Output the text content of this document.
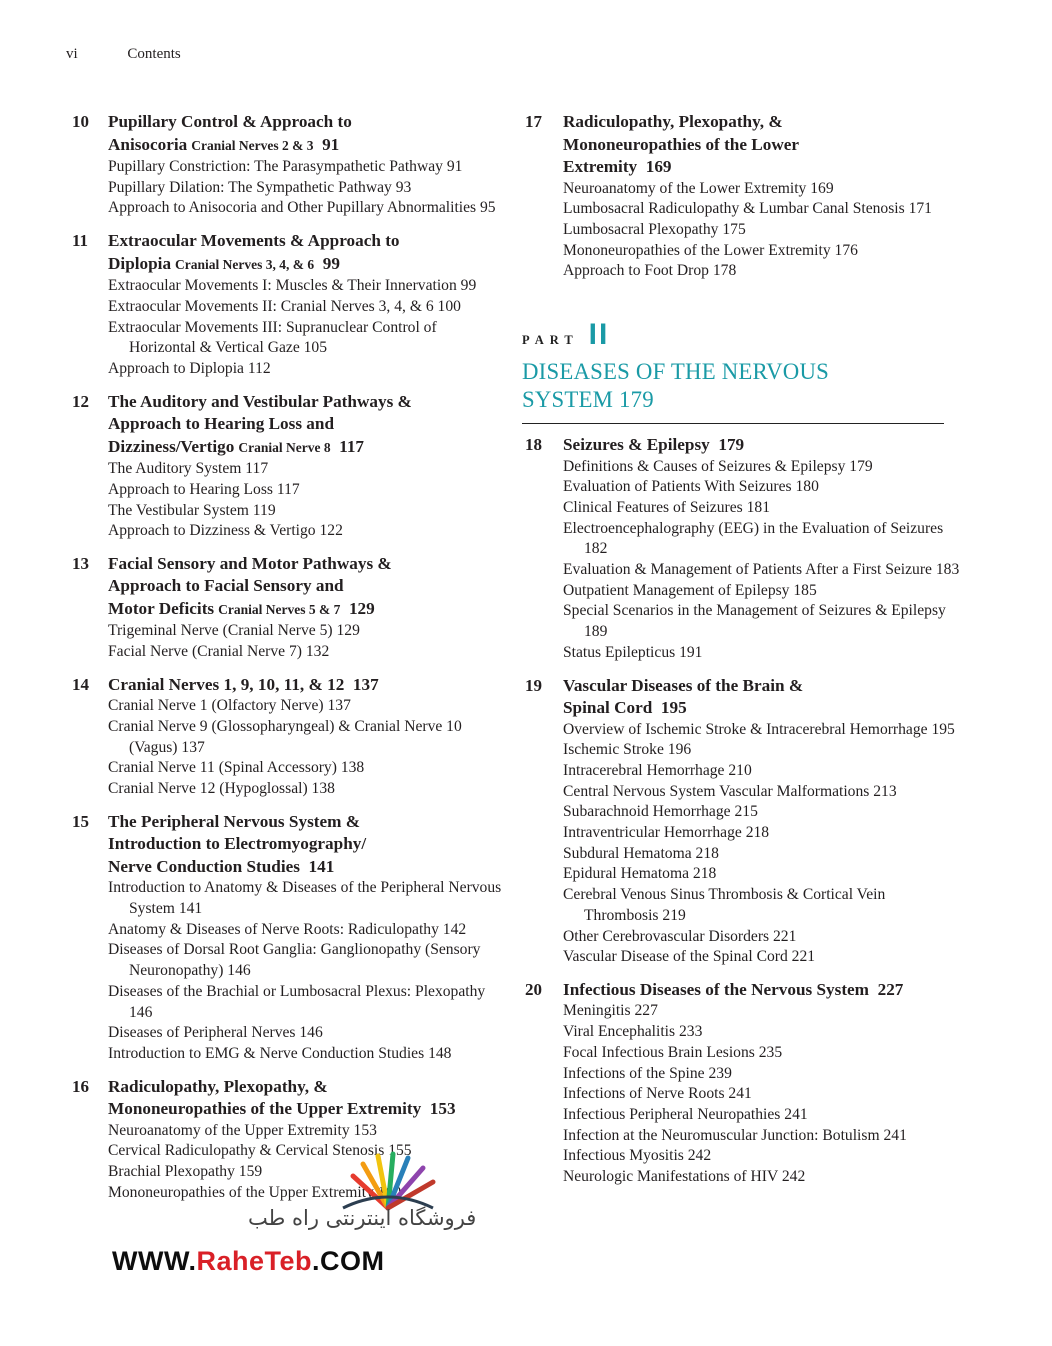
vi	Contents
10	Pupillary Control & Approach to
Anisocoria Cranial Nerves 2 & 3 91
Pupillary Constriction: The Parasympathetic Pathway 91
Pupillary Dilation: The Sympathetic Pathway 93
Approach to Anisocoria and Other Pupillary Abnormalities 95
11	Extraocular Movements & Approach to
Diplopia Cranial Nerves 3, 4, & 6 99
Extraocular Movements I: Muscles & Their Innervation 99
Extraocular Movements II: Cranial Nerves 3, 4, & 6 100
Extraocular Movements III: Supranuclear Control of Horizontal & Vertical Gaze 105
Approach to Diplopia 112
12	The Auditory and Vestibular Pathways &
Approach to Hearing Loss and
Dizziness/Vertigo Cranial Nerve 8 117
The Auditory System 117
Approach to Hearing Loss 117
The Vestibular System 119
Approach to Dizziness & Vertigo 122
13	Facial Sensory and Motor Pathways &
Approach to Facial Sensory and
Motor Deficits Cranial Nerves 5 & 7 129
Trigeminal Nerve (Cranial Nerve 5) 129
Facial Nerve (Cranial Nerve 7) 132
14	Cranial Nerves 1, 9, 10, 11, & 12 137
Cranial Nerve 1 (Olfactory Nerve) 137
Cranial Nerve 9 (Glossopharyngeal) & Cranial Nerve 10 (Vagus) 137
Cranial Nerve 11 (Spinal Accessory) 138
Cranial Nerve 12 (Hypoglossal) 138
15	The Peripheral Nervous System &
Introduction to Electromyography/
Nerve Conduction Studies 141
Introduction to Anatomy & Diseases of the Peripheral Nervous System 141
Anatomy & Diseases of Nerve Roots: Radiculopathy 142
Diseases of Dorsal Root Ganglia: Ganglionopathy (Sensory Neuronopathy) 146
Diseases of the Brachial or Lumbosacral Plexus: Plexopathy 146
Diseases of Peripheral Nerves 146
Introduction to EMG & Nerve Conduction Studies 148
16	Radiculopathy, Plexopathy, &
Mononeuropathies of the Upper Extremity 153
Neuroanatomy of the Upper Extremity 153
Cervical Radiculopathy & Cervical Stenosis 155
Brachial Plexopathy 159
Mononeuropathies of the Upper Extremity 160
17	Radiculopathy, Plexopathy, &
Mononeuropathies of the Lower
Extremity 169
Neuroanatomy of the Lower Extremity 169
Lumbosacral Radiculopathy & Lumbar Canal Stenosis 171
Lumbosacral Plexopathy 175
Mononeuropathies of the Lower Extremity 176
Approach to Foot Drop 178
PART II
DISEASES OF THE NERVOUS
SYSTEM 179
18	Seizures & Epilepsy 179
Definitions & Causes of Seizures & Epilepsy 179
Evaluation of Patients With Seizures 180
Clinical Features of Seizures 181
Electroencephalography (EEG) in the Evaluation of Seizures 182
Evaluation & Management of Patients After a First Seizure 183
Outpatient Management of Epilepsy 185
Special Scenarios in the Management of Seizures & Epilepsy 189
Status Epilepticus 191
19	Vascular Diseases of the Brain &
Spinal Cord 195
Overview of Ischemic Stroke & Intracerebral Hemorrhage 195
Ischemic Stroke 196
Intracerebral Hemorrhage 210
Central Nervous System Vascular Malformations 213
Subarachnoid Hemorrhage 215
Intraventricular Hemorrhage 218
Subdural Hematoma 218
Epidural Hematoma 218
Cerebral Venous Sinus Thrombosis & Cortical Vein Thrombosis 219
Other Cerebrovascular Disorders 221
Vascular Disease of the Spinal Cord 221
20	Infectious Diseases of the Nervous System 227
Meningitis 227
Viral Encephalitis 233
Focal Infectious Brain Lesions 235
Infections of the Spine 239
Infections of Nerve Roots 241
Infectious Peripheral Neuropathies 241
Infection at the Neuromuscular Junction: Botulism 241
Infectious Myositis 242
Neurologic Manifestations of HIV 242
فروشگاه اینترنتی راه طب
WWW.RaheTeb.COM
